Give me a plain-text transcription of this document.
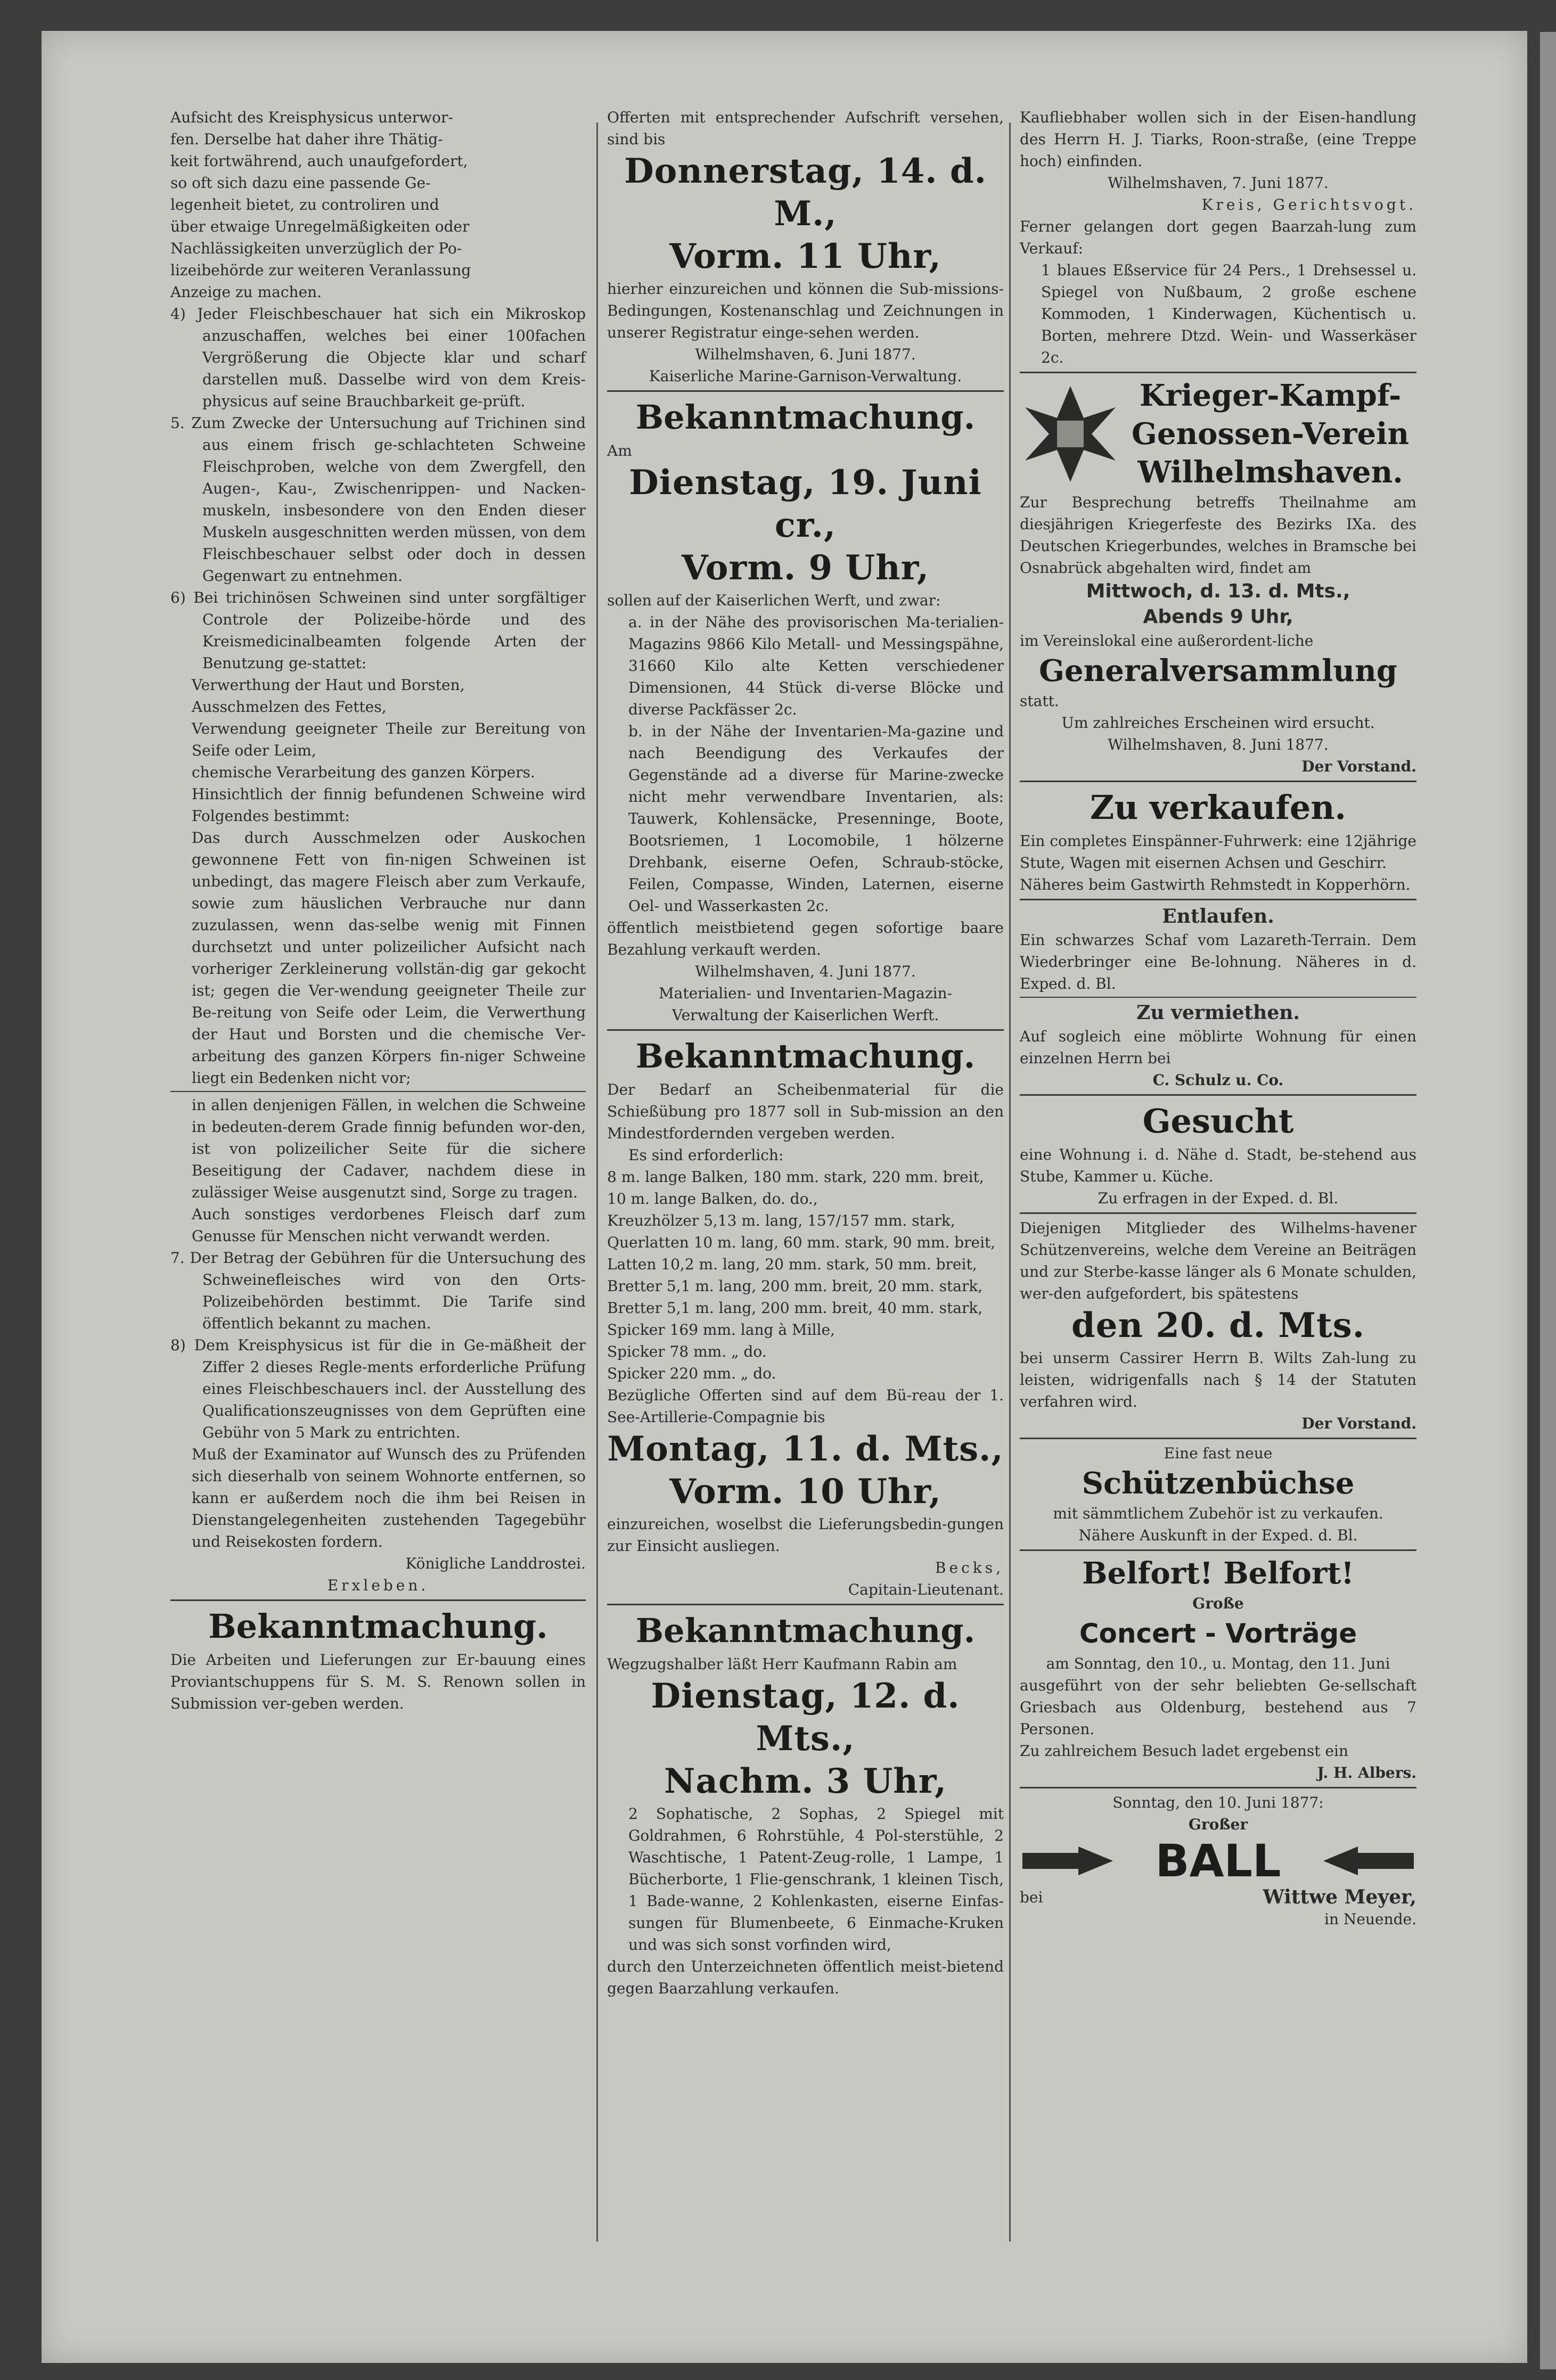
Aufsicht des Kreisphysicus unterwor-

fen. Derselbe hat daher ihre Thätig-

keit fortwährend, auch unaufgefordert,

so oft sich dazu eine passende Ge-

legenheit bietet, zu controliren und

über etwaige Unregelmäßigkeiten oder

Nachlässigkeiten unverzüglich der Po-

lizeibehörde zur weiteren Veranlassung

Anzeige zu machen.

4) Jeder Fleischbeschauer hat sich ein Mikroskop anzuschaffen, welches bei einer 100fachen Vergrößerung die Objecte klar und scharf darstellen muß. Dasselbe wird von dem Kreis-physicus auf seine Brauchbarkeit ge-prüft.

5. Zum Zwecke der Untersuchung auf Trichinen sind aus einem frisch ge-schlachteten Schweine Fleischproben, welche von dem Zwergfell, den Augen-, Kau-, Zwischenrippen- und Nacken-muskeln, insbesondere von den Enden dieser Muskeln ausgeschnitten werden müssen, von dem Fleischbeschauer selbst oder doch in dessen Gegenwart zu entnehmen.

6) Bei trichinösen Schweinen sind unter sorgfältiger Controle der Polizeibe-hörde und des Kreismedicinalbeamten folgende Arten der Benutzung ge-stattet:

Verwerthung der Haut und Borsten,

Ausschmelzen des Fettes,

Verwendung geeigneter Theile zur Bereitung von Seife oder Leim,

chemische Verarbeitung des ganzen Körpers.

Hinsichtlich der finnig befundenen Schweine wird Folgendes bestimmt:

Das durch Ausschmelzen oder Auskochen gewonnene Fett von fin-nigen Schweinen ist unbedingt, das magere Fleisch aber zum Verkaufe, sowie zum häuslichen Verbrauche nur dann zuzulassen, wenn das-selbe wenig mit Finnen durchsetzt und unter polizeilicher Aufsicht nach vorheriger Zerkleinerung vollstän-dig gar gekocht ist; gegen die Ver-wendung geeigneter Theile zur Be-reitung von Seife oder Leim, die Verwerthung der Haut und Borsten und die chemische Ver-arbeitung des ganzen Körpers fin-niger Schweine liegt ein Bedenken nicht vor;

in allen denjenigen Fällen, in welchen die Schweine in bedeuten-derem Grade finnig befunden wor-den, ist von polizeilicher Seite für die sichere Beseitigung der Cadaver, nachdem diese in zulässiger Weise ausgenutzt sind, Sorge zu tragen.

Auch sonstiges verdorbenes Fleisch darf zum Genusse für Menschen nicht verwandt werden.

7. Der Betrag der Gebühren für die Untersuchung des Schweinefleisches wird von den Orts-Polizeibehörden bestimmt. Die Tarife sind öffentlich bekannt zu machen.

8) Dem Kreisphysicus ist für die in Ge-mäßheit der Ziffer 2 dieses Regle-ments erforderliche Prüfung eines Fleischbeschauers incl. der Ausstellung des Qualificationszeugnisses von dem Geprüften eine Gebühr von 5 Mark zu entrichten.

Muß der Examinator auf Wunsch des zu Prüfenden sich dieserhalb von seinem Wohnorte entfernen, so kann er außerdem noch die ihm bei Reisen in Dienstangelegenheiten zustehenden Tagegebühr und Reisekosten fordern.

Königliche Landdrostei.

Erxleben.

Bekanntmachung.

Die Arbeiten und Lieferungen zur Er-bauung eines Proviantschuppens für S. M. S. Renown sollen in Submission ver-geben werden.

Offerten mit entsprechender Aufschrift versehen, sind bis

Donnerstag, 14. d. M.,
Vorm. 11 Uhr,

hierher einzureichen und können die Sub-missions-Bedingungen, Kostenanschlag und Zeichnungen in unserer Registratur einge-sehen werden.

Wilhelmshaven, 6. Juni 1877.

Kaiserliche Marine-Garnison-Verwaltung.

Bekanntmachung.

Am

Dienstag, 19. Juni cr.,
Vorm. 9 Uhr,

sollen auf der Kaiserlichen Werft, und zwar:

a. in der Nähe des provisorischen Ma-terialien-Magazins 9866 Kilo Metall- und Messingspähne, 31660 Kilo alte Ketten verschiedener Dimensionen, 44 Stück di-verse Blöcke und diverse Packfässer 2c.

b. in der Nähe der Inventarien-Ma-gazine und nach Beendigung des Verkaufes der Gegenstände ad a diverse für Marine-zwecke nicht mehr verwendbare Inventarien, als: Tauwerk, Kohlensäcke, Presenninge, Boote, Bootsriemen, 1 Locomobile, 1 hölzerne Drehbank, eiserne Oefen, Schraub-stöcke, Feilen, Compasse, Winden, Laternen, eiserne Oel- und Wasserkasten 2c.

öffentlich meistbietend gegen sofortige baare Bezahlung verkauft werden.

Wilhelmshaven, 4. Juni 1877.

Materialien- und Inventarien-Magazin-

Verwaltung der Kaiserlichen Werft.

Bekanntmachung.

Der Bedarf an Scheibenmaterial für die Schießübung pro 1877 soll in Sub-mission an den Mindestfordernden vergeben werden.

Es sind erforderlich:

8 m. lange Balken, 180 mm. stark, 220 mm. breit,

10 m. lange Balken, do. do.,

Kreuzhölzer 5,13 m. lang, 157/157 mm. stark,

Querlatten 10 m. lang, 60 mm. stark, 90 mm. breit,

Latten 10,2 m. lang, 20 mm. stark, 50 mm. breit,

Bretter 5,1 m. lang, 200 mm. breit, 20 mm. stark,

Bretter 5,1 m. lang, 200 mm. breit, 40 mm. stark,

Spicker 169 mm. lang à Mille,

Spicker 78 mm. „ do.

Spicker 220 mm. „ do.

Bezügliche Offerten sind auf dem Bü-reau der 1. See-Artillerie-Compagnie bis

Montag, 11. d. Mts.,
Vorm. 10 Uhr,

einzureichen, woselbst die Lieferungsbedin-gungen zur Einsicht ausliegen.

Becks,

Capitain-Lieutenant.

Bekanntmachung.

Wegzugshalber läßt Herr Kaufmann Rabin am

Dienstag, 12. d. Mts.,
Nachm. 3 Uhr,

2 Sophatische, 2 Sophas, 2 Spiegel mit Goldrahmen, 6 Rohrstühle, 4 Pol-sterstühle, 2 Waschtische, 1 Patent-Zeug-rolle, 1 Lampe, 1 Bücherborte, 1 Flie-genschrank, 1 kleinen Tisch, 1 Bade-wanne, 2 Kohlenkasten, eiserne Einfas-sungen für Blumenbeete, 6 Einmache-Kruken und was sich sonst vorfinden wird,

durch den Unterzeichneten öffentlich meist-bietend gegen Baarzahlung verkaufen.

Kaufliebhaber wollen sich in der Eisen-handlung des Herrn H. J. Tiarks, Roon-straße, (eine Treppe hoch) einfinden.

Wilhelmshaven, 7. Juni 1877.

Kreis, Gerichtsvogt.

Ferner gelangen dort gegen Baarzah-lung zum Verkauf:

1 blaues Eßservice für 24 Pers., 1 Drehsessel u. Spiegel von Nußbaum, 2 große eschene Kommoden, 1 Kinderwagen, Küchentisch u. Borten, mehrere Dtzd. Wein- und Wasserkäser 2c.

Krieger-Kampf-
Genossen-Verein
Wilhelmshaven.

Zur Besprechung betreffs Theilnahme am diesjährigen Kriegerfeste des Bezirks IXa. des Deutschen Kriegerbundes, welches in Bramsche bei Osnabrück abgehalten wird, findet am

Mittwoch, d. 13. d. Mts.,

Abends 9 Uhr,

im Vereinslokal eine außerordent-liche

Generalversammlung

statt.

Um zahlreiches Erscheinen wird ersucht.

Wilhelmshaven, 8. Juni 1877.

Der Vorstand.

Zu verkaufen.

Ein completes Einspänner-Fuhrwerk: eine 12jährige Stute, Wagen mit eisernen Achsen und Geschirr.

Näheres beim Gastwirth Rehmstedt in Kopperhörn.

Entlaufen.

Ein schwarzes Schaf vom Lazareth-Terrain. Dem Wiederbringer eine Be-lohnung. Näheres in d. Exped. d. Bl.

Zu vermiethen.

Auf sogleich eine möblirte Wohnung für einen einzelnen Herrn bei

C. Schulz u. Co.

Gesucht

eine Wohnung i. d. Nähe d. Stadt, be-stehend aus Stube, Kammer u. Küche.

Zu erfragen in der Exped. d. Bl.

Diejenigen Mitglieder des Wilhelms-havener Schützenvereins, welche dem Vereine an Beiträgen und zur Sterbe-kasse länger als 6 Monate schulden, wer-den aufgefordert, bis spätestens

den 20. d. Mts.

bei unserm Cassirer Herrn B. Wilts Zah-lung zu leisten, widrigenfalls nach § 14 der Statuten verfahren wird.

Der Vorstand.

Eine fast neue

Schützenbüchse

mit sämmtlichem Zubehör ist zu verkaufen.

Nähere Auskunft in der Exped. d. Bl.

Belfort! Belfort!

Große

Concert - Vorträge

am Sonntag, den 10., u. Montag, den 11. Juni

ausgeführt von der sehr beliebten Ge-sellschaft Griesbach aus Oldenburg, bestehend aus 7 Personen.

Zu zahlreichem Besuch ladet ergebenst ein

J. H. Albers.

Sonntag, den 10. Juni 1877:

Großer

BALL
bei	Wittwe Meyer,

in Neuende.
